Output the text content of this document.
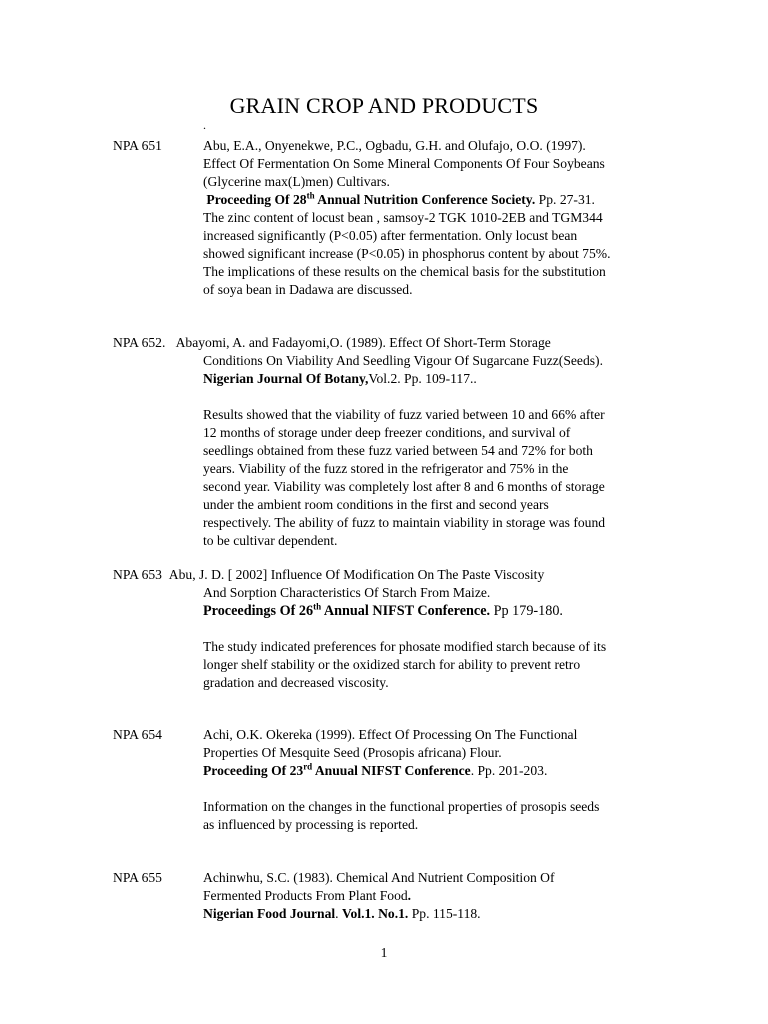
GRAIN CROP AND PRODUCTS
.
NPA 651	Abu, E.A., Onyenekwe, P.C., Ogbadu, G.H. and Olufajo, O.O. (1997).
Effect Of Fermentation On Some Mineral Components Of Four Soybeans
(Glycerine max(L)men) Cultivars.
Proceeding Of 28th Annual Nutrition Conference Society. Pp. 27-31.
The zinc content of locust bean , samsoy-2 TGK 1010-2EB and TGM344
increased significantly (P<0.05) after fermentation. Only locust bean
showed significant increase (P<0.05) in phosphorus content by about 75%.
The implications of these results on the chemical basis for the substitution
of soya bean in Dadawa are discussed.
NPA 652. Abayomi, A. and Fadayomi,O. (1989). Effect Of Short-Term Storage
Conditions On Viability And Seedling Vigour Of Sugarcane Fuzz(Seeds).
Nigerian Journal Of Botany,Vol.2. Pp. 109-117..

Results showed that the viability of fuzz varied between 10 and 66% after
12 months of storage under deep freezer conditions, and survival of
seedlings obtained from these fuzz varied between 54 and 72% for both
years. Viability of the fuzz stored in the refrigerator and 75% in the
second year. Viability was completely lost after 8 and 6 months of storage
under the ambient room conditions in the first and second years
respectively. The ability of fuzz to maintain viability in storage was found
to be cultivar dependent.
NPA 653 Abu, J. D. [ 2002] Influence Of Modification On The Paste Viscosity
And Sorption Characteristics Of Starch From Maize.
Proceedings Of 26th Annual NIFST Conference. Pp 179-180.

The study indicated preferences for phosate modified starch because of its
longer shelf stability or the oxidized starch for ability to prevent retro
gradation and decreased viscosity.
NPA 654	Achi, O.K. Okereka (1999). Effect Of Processing On The Functional
Properties Of Mesquite Seed (Prosopis africana) Flour.
Proceeding Of 23rd Anuual NIFST Conference. Pp. 201-203.

Information on the changes in the functional properties of prosopis seeds
as influenced by processing is reported.
NPA 655	Achinwhu, S.C. (1983). Chemical And Nutrient Composition Of
Fermented Products From Plant Food.
Nigerian Food Journal. Vol.1. No.1. Pp. 115-118.
1
